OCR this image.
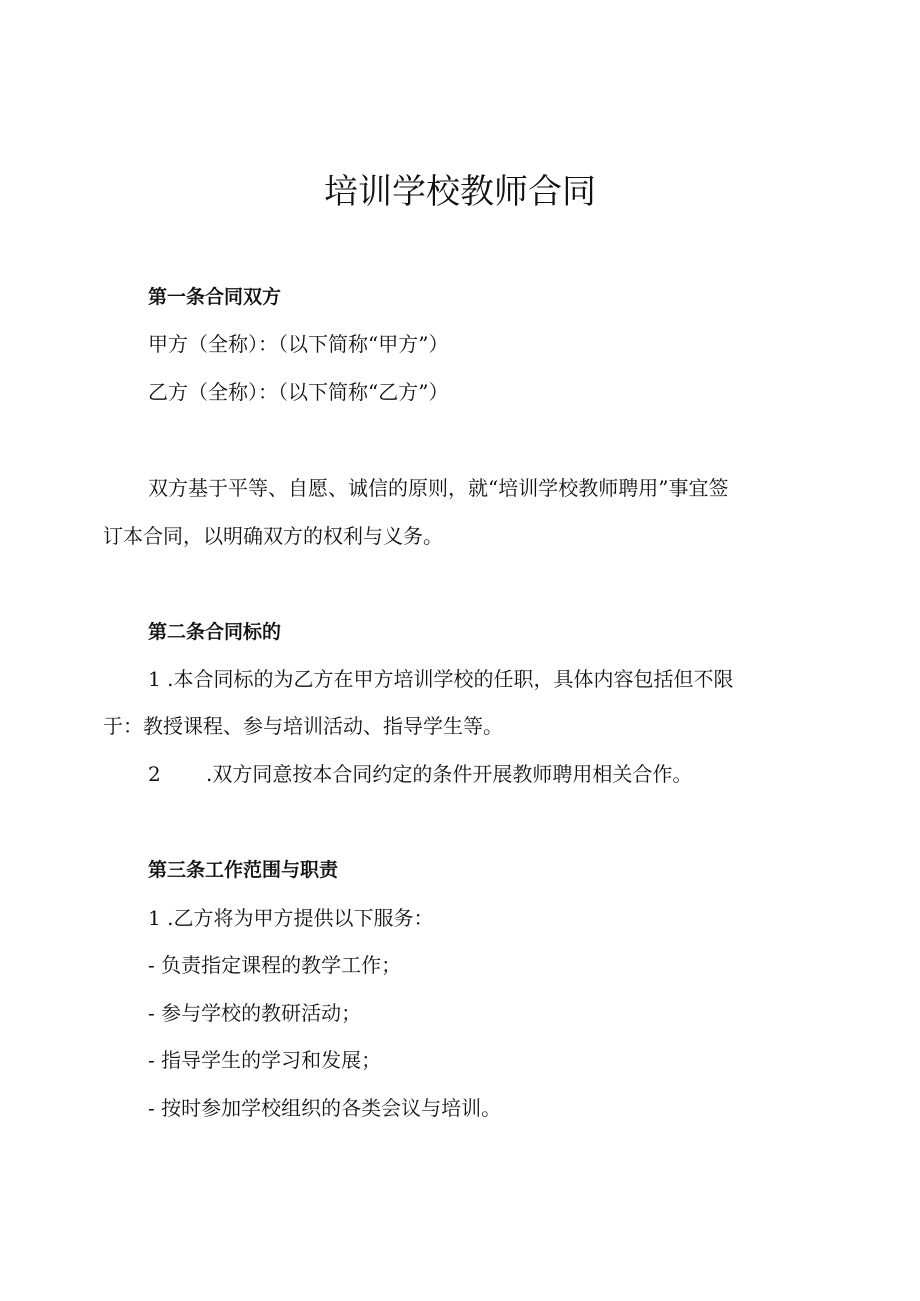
培训学校教师合同
第一条合同双方
甲方（全称）：（以下简称“甲方”）
乙方（全称）：（以下简称“乙方”）
双方基于平等、自愿、诚信的原则，就“培训学校教师聘用”事宜签
订本合同，以明确双方的权利与义务。
第二条合同标的
1 .本合同标的为乙方在甲方培训学校的任职，具体内容包括但不限
于：教授课程、参与培训活动、指导学生等。
2 .双方同意按本合同约定的条件开展教师聘用相关合作。
第三条工作范围与职责
1 .乙方将为甲方提供以下服务：
- 负责指定课程的教学工作；
- 参与学校的教研活动；
- 指导学生的学习和发展；
- 按时参加学校组织的各类会议与培训。
